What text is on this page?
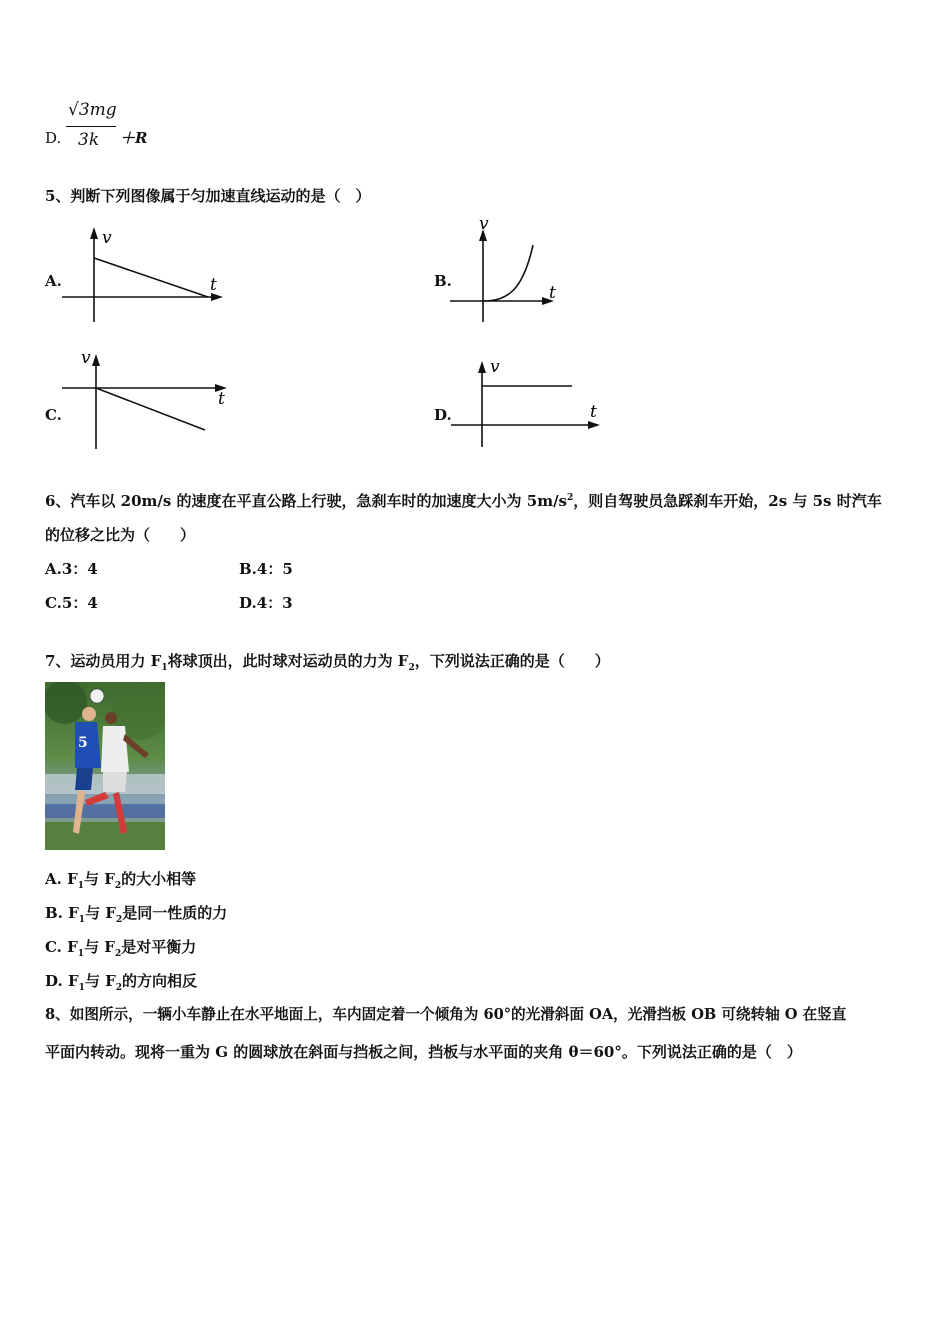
D.
√3mg
3k ＋R
5、判断下列图像属于匀加速直线运动的是（　）
A.
v
t	B.
v
t
C.
v
t
D.
v
t
6、汽车以 20m/s 的速度在平直公路上行驶，急刹车时的加速度大小为 $5m/s^2$，则自驾驶员急踩刹车开始，2s 与 5s 时汽车
的位移之比为（　　）
A.3：4	B.4：5
C.5：4	D.4：3
7、运动员用力 $F_1$将球顶出，此时球对运动员的力为 $F_2$，下列说法正确的是（　　）
5
A. $F_1$与 $F_2$的大小相等
B. $F_1$与 $F_2$是同一性质的力
C. $F_1$与 $F_2$是对平衡力
D. $F_1$与 $F_2$的方向相反
8、如图所示，一辆小车静止在水平地面上，车内固定着一个倾角为 60°的光滑斜面 OA，光滑挡板 OB 可绕转轴 O 在竖直
平面内转动。现将一重为 G 的圆球放在斜面与挡板之间，挡板与水平面的夹角 θ＝60°。下列说法正确的是（　）
